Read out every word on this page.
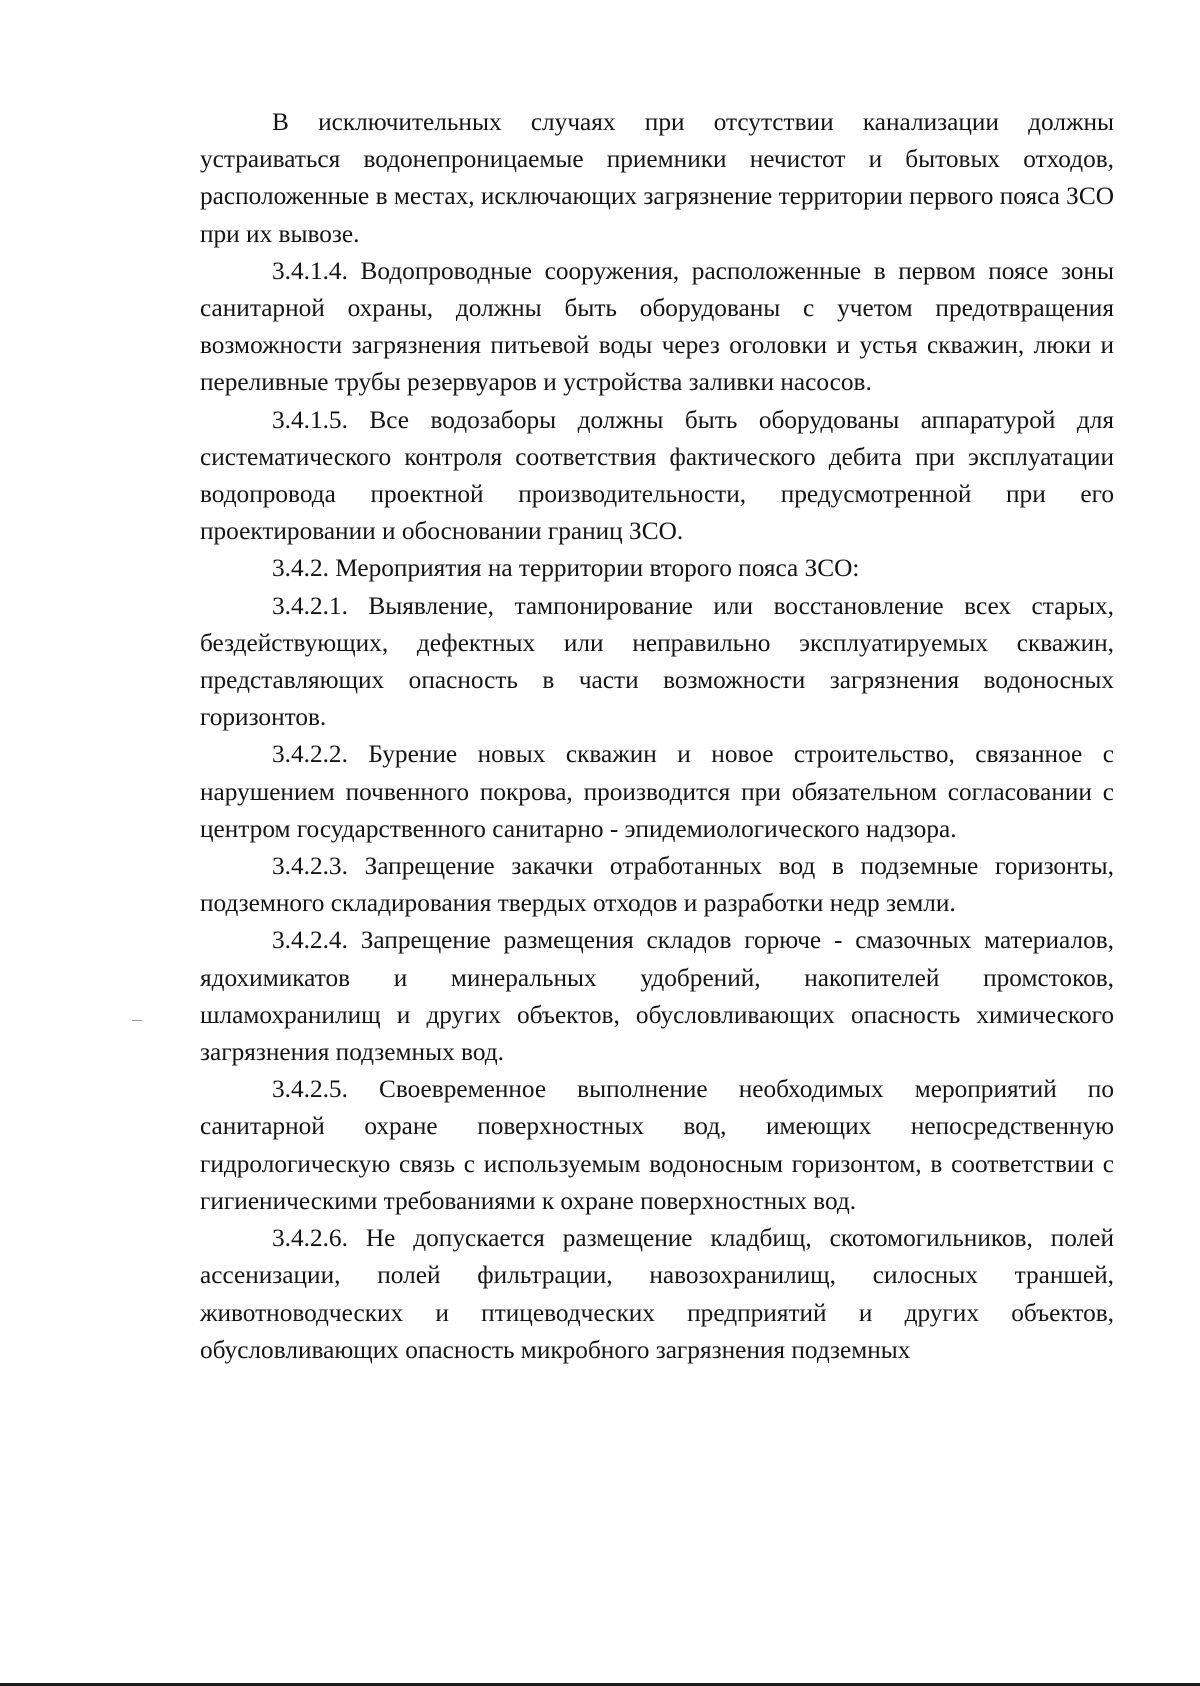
В исключительных случаях при отсутствии канализации должны устраиваться водонепроницаемые приемники нечистот и бытовых отходов, расположенные в местах, исключающих загрязнение территории первого пояса ЗСО при их вывозе.

3.4.1.4. Водопроводные сооружения, расположенные в первом поясе зоны санитарной охраны, должны быть оборудованы с учетом предотвращения возможности загрязнения питьевой воды через оголовки и устья скважин, люки и переливные трубы резервуаров и устройства заливки насосов.

3.4.1.5. Все водозаборы должны быть оборудованы аппаратурой для систематического контроля соответствия фактического дебита при эксплуатации водопровода проектной производительности, предусмотренной при его проектировании и обосновании границ ЗСО.

3.4.2. Мероприятия на территории второго пояса ЗСО:

3.4.2.1. Выявление, тампонирование или восстановление всех старых, бездействующих, дефектных или неправильно эксплуатируемых скважин, представляющих опасность в части возможности загрязнения водоносных горизонтов.

3.4.2.2. Бурение новых скважин и новое строительство, связанное с нарушением почвенного покрова, производится при обязательном согласовании с центром государственного санитарно - эпидемиологического надзора.

3.4.2.3. Запрещение закачки отработанных вод в подземные горизонты, подземного складирования твердых отходов и разработки недр земли.

3.4.2.4. Запрещение размещения складов горюче - смазочных материалов, ядохимикатов и минеральных удобрений, накопителей промстоков, шламохранилищ и других объектов, обусловливающих опасность химического загрязнения подземных вод.

3.4.2.5. Своевременное выполнение необходимых мероприятий по санитарной охране поверхностных вод, имеющих непосредственную гидрологическую связь с используемым водоносным горизонтом, в соответствии с гигиеническими требованиями к охране поверхностных вод.

3.4.2.6. Не допускается размещение кладбищ, скотомогильников, полей ассенизации, полей фильтрации, навозохранилищ, силосных траншей, животноводческих и птицеводческих предприятий и других объектов, обусловливающих опасность микробного загрязнения подземных
